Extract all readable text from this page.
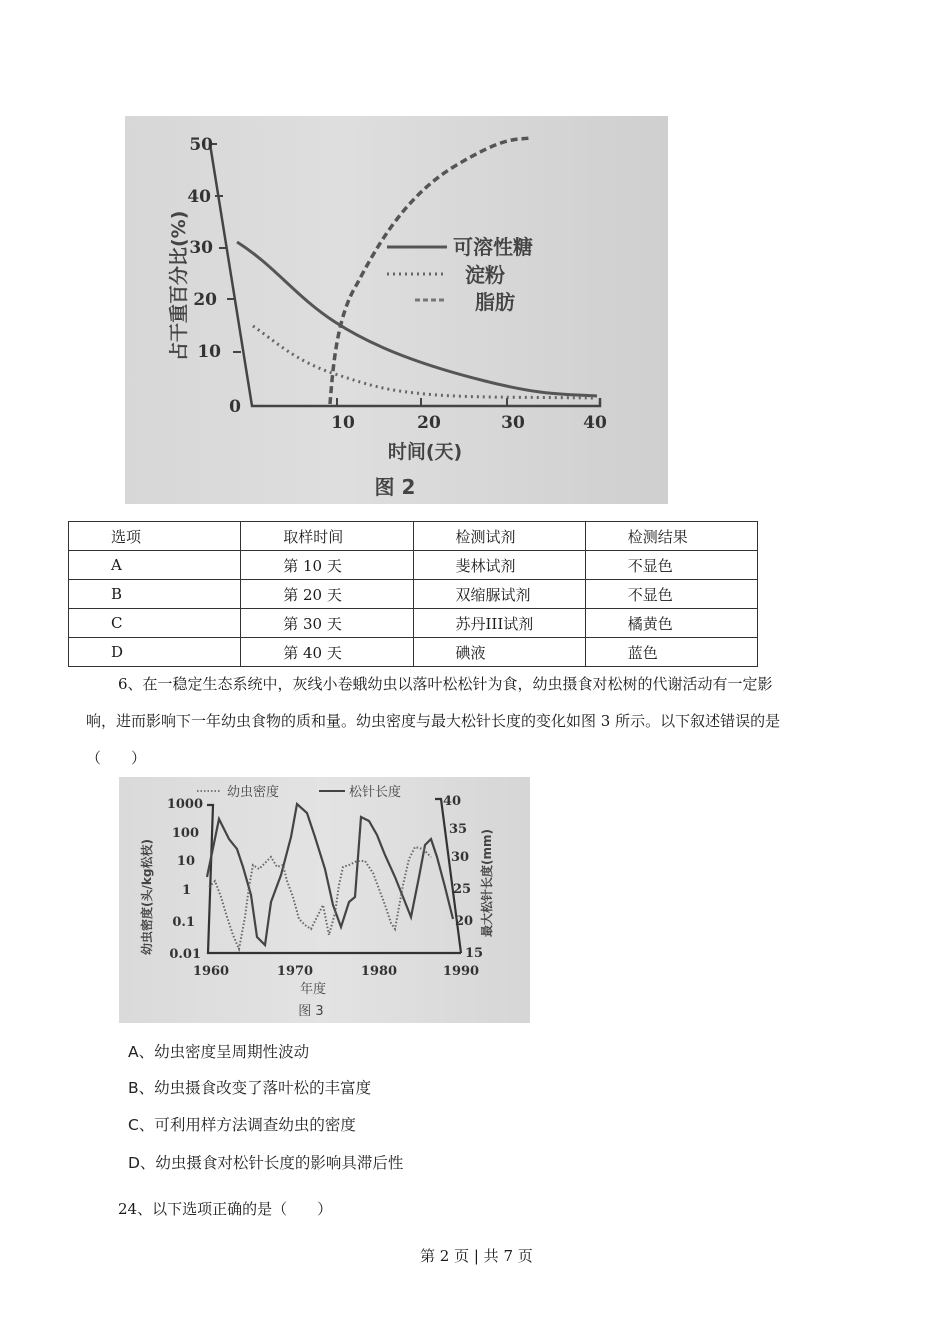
50
40
30
20
10
0
10	20	30	40
占干重百分比(%)
时间(天)
图 2
可溶性糖
淀粉
脂肪
选项	取样时间	检测试剂	检测结果
A	第 10 天	斐林试剂	不显色
B	第 20 天	双缩脲试剂	不显色
C	第 30 天	苏丹III试剂	橘黄色
D	第 40 天	碘液	蓝色
6、在一稳定生态系统中，灰线小卷蛾幼虫以落叶松松针为食，幼虫摄食对松树的代谢活动有一定影
响，进而影响下一年幼虫食物的质和量。幼虫密度与最大松针长度的变化如图 3 所示。以下叙述错误的是
（　　）
幼虫密度	松针长度
1000
100
10
1
0.1
0.01
40
35
30
25
20
15
1960	1970	1980	1990
年度
图 3
幼虫密度(头/kg松枝)	最大松针长度(mm)
A、幼虫密度呈周期性波动
B、幼虫摄食改变了落叶松的丰富度
C、可利用样方法调查幼虫的密度
D、幼虫摄食对松针长度的影响具滞后性
24、以下选项正确的是（　　）
第 2 页 | 共 7 页
